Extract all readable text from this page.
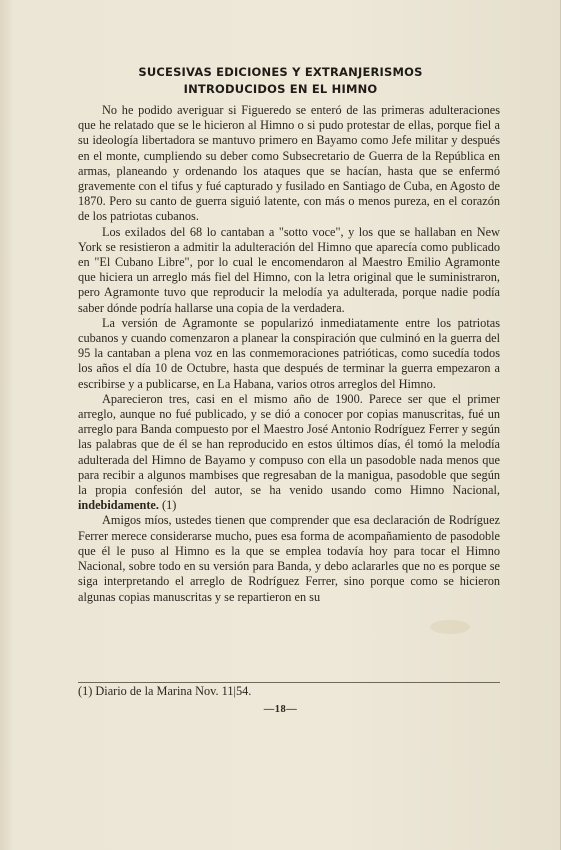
SUCESIVAS EDICIONES Y EXTRANJERISMOS
INTRODUCIDOS EN EL HIMNO

No he podido averiguar si Figueredo se enteró de las primeras adulteraciones que he relatado que se le hicieron al Himno o si pudo protestar de ellas, porque fiel a su ideología libertadora se mantuvo primero en Bayamo como Jefe militar y después en el monte, cumpliendo su deber como Subsecretario de Guerra de la República en armas, planeando y ordenando los ataques que se hacían, hasta que se enfermó gravemente con el tifus y fué capturado y fusilado en Santiago de Cuba, en Agosto de 1870. Pero su canto de guerra siguió latente, con más o menos pureza, en el corazón de los patriotas cubanos.

Los exilados del 68 lo cantaban a "sotto voce", y los que se hallaban en New York se resistieron a admitir la adulteración del Himno que aparecía como publicado en "El Cubano Libre", por lo cual le encomendaron al Maestro Emilio Agramonte que hiciera un arreglo más fiel del Himno, con la letra original que le suministraron, pero Agramonte tuvo que reproducir la melodía ya adulterada, porque nadie podía saber dónde podría hallarse una copia de la verdadera.

La versión de Agramonte se popularizó inmediatamente entre los patriotas cubanos y cuando comenzaron a planear la conspiración que culminó en la guerra del 95 la cantaban a plena voz en las conmemoraciones patrióticas, como sucedía todos los años el día 10 de Octubre, hasta que después de terminar la guerra empezaron a escribirse y a publicarse, en La Habana, varios otros arreglos del Himno.

Aparecieron tres, casi en el mismo año de 1900. Parece ser que el primer arreglo, aunque no fué publicado, y se dió a conocer por copias manuscritas, fué un arreglo para Banda compuesto por el Maestro José Antonio Rodríguez Ferrer y según las palabras que de él se han reproducido en estos últimos días, él tomó la melodía adulterada del Himno de Bayamo y compuso con ella un pasodoble nada menos que para recibir a algunos mambises que regresaban de la manigua, pasodoble que según la propia confesión del autor, se ha venido usando como Himno Nacional, indebidamente. (1)

Amigos míos, ustedes tienen que comprender que esa declaración de Rodríguez Ferrer merece considerarse mucho, pues esa forma de acompañamiento de pasodoble que él le puso al Himno es la que se emplea todavía hoy para tocar el Himno Nacional, sobre todo en su versión para Banda, y debo aclararles que no es porque se siga interpretando el arreglo de Rodríguez Ferrer, sino porque como se hicieron algunas copias manuscritas y se repartieron en su

(1) Diario de la Marina Nov. 11|54.
—18—
